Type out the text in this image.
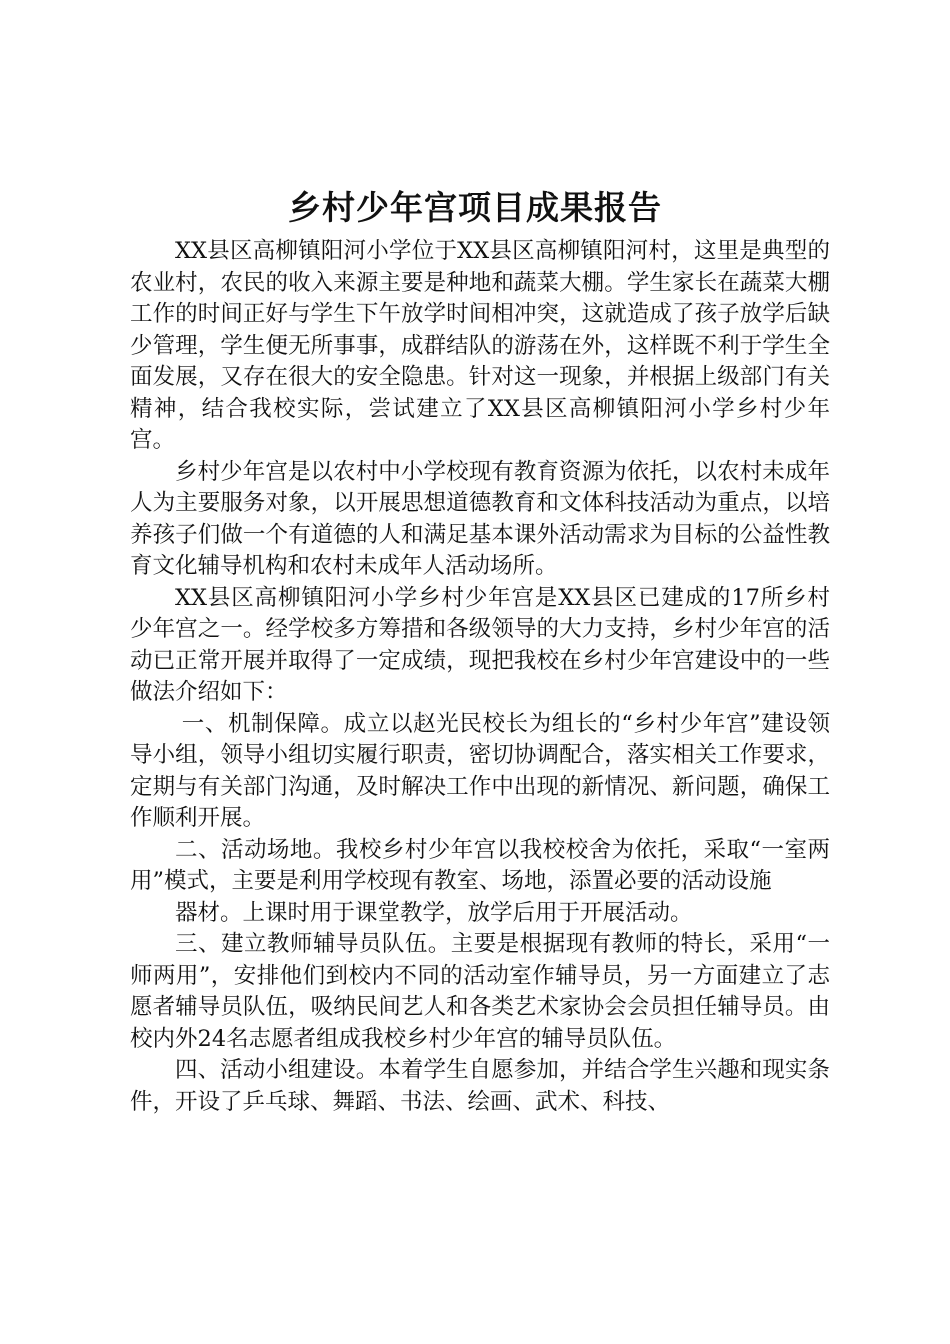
乡村少年宫项目成果报告

XX县区高柳镇阳河小学位于XX县区高柳镇阳河村，这里是典型的农业村，农民的收入来源主要是种地和蔬菜大棚。学生家长在蔬菜大棚工作的时间正好与学生下午放学时间相冲突，这就造成了孩子放学后缺少管理，学生便无所事事，成群结队的游荡在外，这样既不利于学生全面发展，又存在很大的安全隐患。针对这一现象，并根据上级部门有关精神，结合我校实际，尝试建立了XX县区高柳镇阳河小学乡村少年宫。

乡村少年宫是以农村中小学校现有教育资源为依托，以农村未成年人为主要服务对象，以开展思想道德教育和文体科技活动为重点，以培养孩子们做一个有道德的人和满足基本课外活动需求为目标的公益性教育文化辅导机构和农村未成年人活动场所。

XX县区高柳镇阳河小学乡村少年宫是XX县区已建成的17所乡村少年宫之一。经学校多方筹措和各级领导的大力支持，乡村少年宫的活动已正常开展并取得了一定成绩，现把我校在乡村少年宫建设中的一些做法介绍如下：

一、机制保障。成立以赵光民校长为组长的“乡村少年宫”建设领导小组，领导小组切实履行职责，密切协调配合，落实相关工作要求，定期与有关部门沟通，及时解决工作中出现的新情况、新问题，确保工作顺利开展。

二、活动场地。我校乡村少年宫以我校校舍为依托，采取“一室两用”模式，主要是利用学校现有教室、场地，添置必要的活动设施

器材。上课时用于课堂教学，放学后用于开展活动。

三、建立教师辅导员队伍。主要是根据现有教师的特长，采用“一师两用”，安排他们到校内不同的活动室作辅导员，另一方面建立了志愿者辅导员队伍，吸纳民间艺人和各类艺术家协会会员担任辅导员。由校内外24名志愿者组成我校乡村少年宫的辅导员队伍。

四、活动小组建设。本着学生自愿参加，并结合学生兴趣和现实条件，开设了乒乓球、舞蹈、书法、绘画、武术、科技、
